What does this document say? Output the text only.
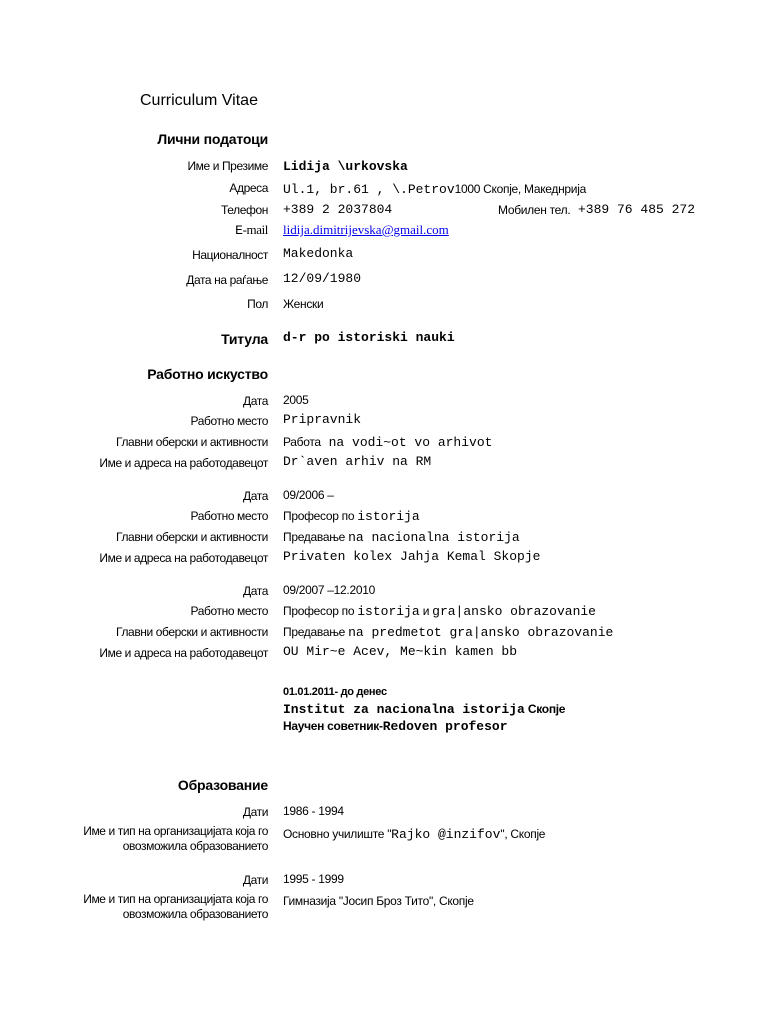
Curriculum Vitae
Лични податоци
Име и Презиме Lidija \urkovska
Адреса Ul.1, br.61 , \.Petrov1000 Скопје, Македнрија
Телефон +389 2 2037804	Мобилен тел. +389 76 485 272
E-mail lidija.dimitrijevska@gmail.com
Националност Makedonka
Дата на раѓање 12/09/1980
Пол Женски
Титула d-r po istoriski nauki
Работно искуство
Дата 2005
Работно место Pripravnik
Главни оберски и активности Работа na vodi~ot vo arhivot
Име и адреса на работодавецот Dr`aven arhiv na RM
Дата 09/2006 –
Работно место Професор по istorija
Главни оберски и активности Предавање na nacionalna istorija
Име и адреса на работодавецот Privaten kolex Jahja Kemal Skopje
Дата 09/2007 –12.2010
Работно место Професор по istorija и gra|ansko obrazovanie
Главни оберски и активности Предавање na predmetot gra|ansko obrazovanie
Име и адреса на работодавецот OU Mir~e Acev, Me~kin kamen bb
01.01.2011- до денес
Institut za nacionalna istorija Скопје
Научен советник-Redoven profesor
Образование
Дати 1986 - 1994
Име и тип на организацијата која го
овозможила образованието
Основно училиште "Rajko @inzifov", Скопје
Дати 1995 - 1999
Име и тип на организацијата која го
овозможила образованието
Гимназија "Јосип Броз Тито", Скопје
